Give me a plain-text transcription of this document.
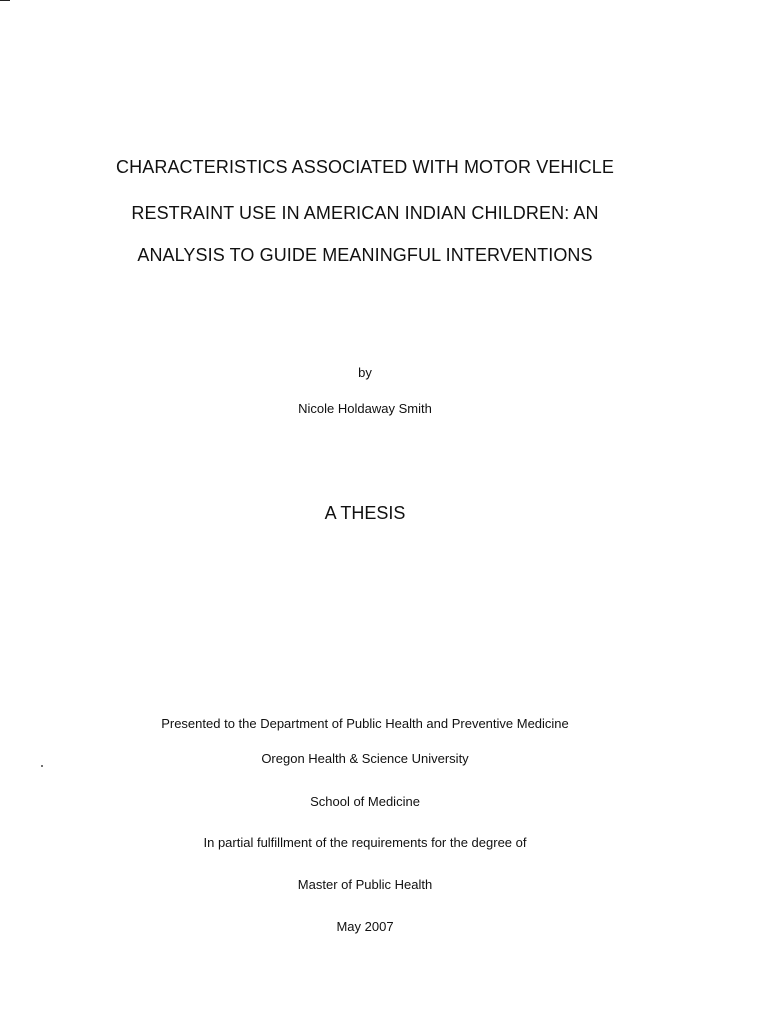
CHARACTERISTICS ASSOCIATED WITH MOTOR VEHICLE
RESTRAINT USE IN AMERICAN INDIAN CHILDREN: AN
ANALYSIS TO GUIDE MEANINGFUL INTERVENTIONS
by
Nicole Holdaway Smith
A THESIS
Presented to the Department of Public Health and Preventive Medicine
Oregon Health & Science University
School of Medicine
In partial fulfillment of the requirements for the degree of
Master of Public Health
May 2007
